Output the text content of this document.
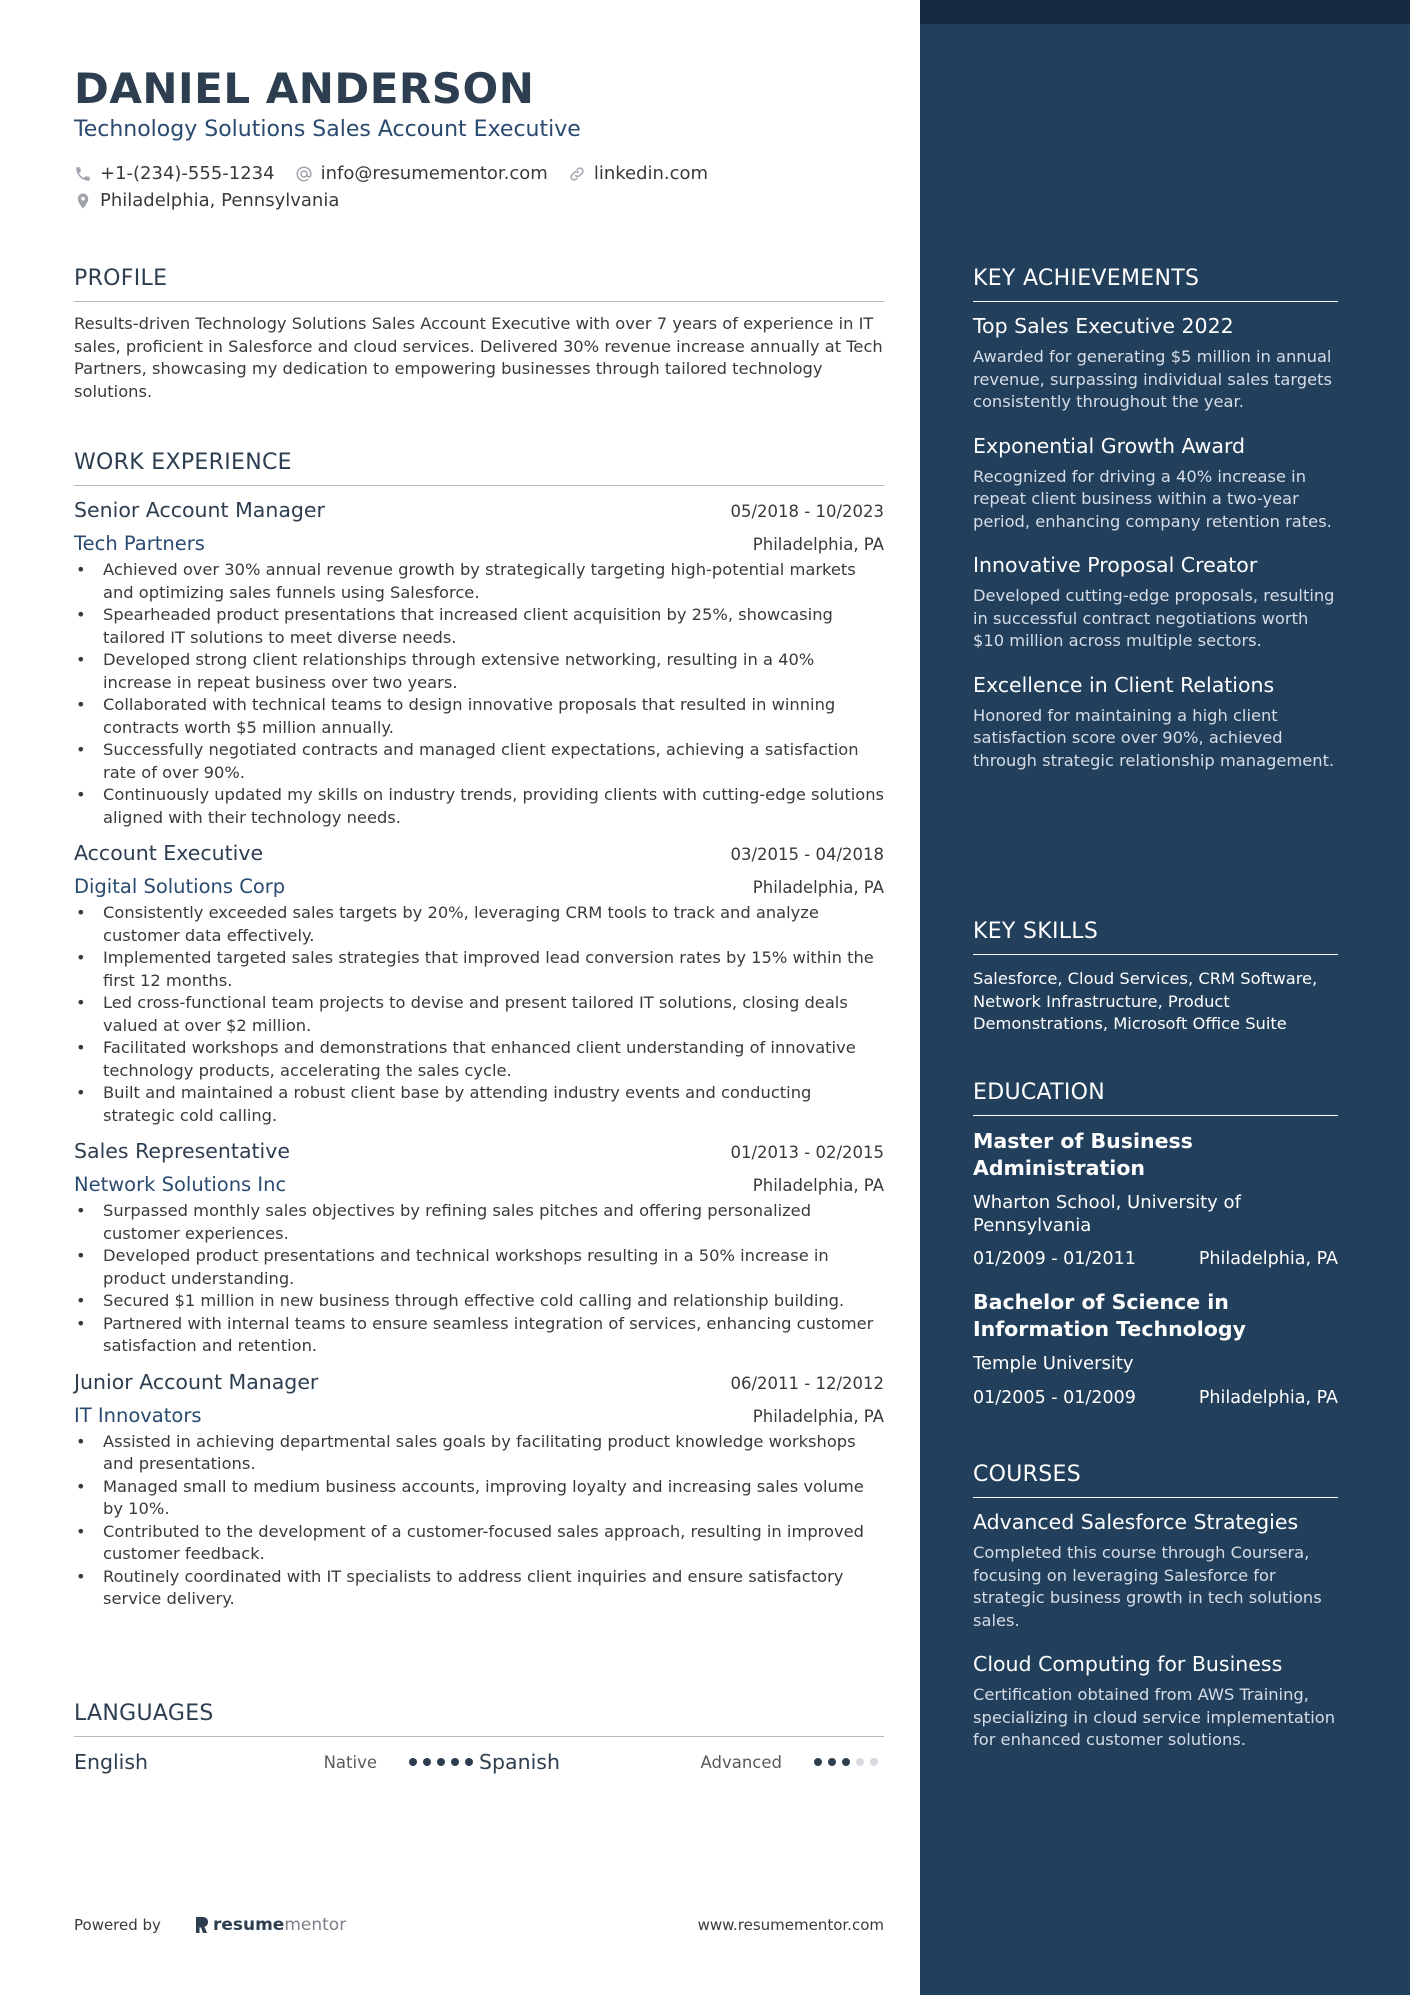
DANIEL ANDERSON
Technology Solutions Sales Account Executive
+1-(234)-555-1234	info@resumementor.com	linkedin.com
Philadelphia, Pennsylvania
PROFILE

Results-driven Technology Solutions Sales Account Executive with over 7 years of experience in IT sales, proficient in Salesforce and cloud services. Delivered 30% revenue increase annually at Tech Partners, showcasing my dedication to empowering businesses through tailored technology solutions.

WORK EXPERIENCE
Senior Account Manager	05/2018 - 10/2023
Tech Partners	Philadelphia, PA
• Achieved over 30% annual revenue growth by strategically targeting high-potential markets and optimizing sales funnels using Salesforce.
• Spearheaded product presentations that increased client acquisition by 25%, showcasing tailored IT solutions to meet diverse needs.
• Developed strong client relationships through extensive networking, resulting in a 40% increase in repeat business over two years.
• Collaborated with technical teams to design innovative proposals that resulted in winning contracts worth $5 million annually.
• Successfully negotiated contracts and managed client expectations, achieving a satisfaction rate of over 90%.
• Continuously updated my skills on industry trends, providing clients with cutting-edge solutions aligned with their technology needs.
Account Executive	03/2015 - 04/2018
Digital Solutions Corp	Philadelphia, PA
• Consistently exceeded sales targets by 20%, leveraging CRM tools to track and analyze customer data effectively.
• Implemented targeted sales strategies that improved lead conversion rates by 15% within the first 12 months.
• Led cross-functional team projects to devise and present tailored IT solutions, closing deals valued at over $2 million.
• Facilitated workshops and demonstrations that enhanced client understanding of innovative technology products, accelerating the sales cycle.
• Built and maintained a robust client base by attending industry events and conducting strategic cold calling.
Sales Representative	01/2013 - 02/2015
Network Solutions Inc	Philadelphia, PA
• Surpassed monthly sales objectives by refining sales pitches and offering personalized customer experiences.
• Developed product presentations and technical workshops resulting in a 50% increase in product understanding.
• Secured $1 million in new business through effective cold calling and relationship building.
• Partnered with internal teams to ensure seamless integration of services, enhancing customer satisfaction and retention.
Junior Account Manager	06/2011 - 12/2012
IT Innovators	Philadelphia, PA
• Assisted in achieving departmental sales goals by facilitating product knowledge workshops and presentations.
• Managed small to medium business accounts, improving loyalty and increasing sales volume by 10%.
• Contributed to the development of a customer-focused sales approach, resulting in improved customer feedback.
• Routinely coordinated with IT specialists to address client inquiries and ensure satisfactory service delivery.
LANGUAGES
English	Native	Spanish	Advanced
Powered by	resume mentor	www.resumementor.com
KEY ACHIEVEMENTS
Top Sales Executive 2022
Awarded for generating $5 million in annual revenue, surpassing individual sales targets consistently throughout the year.
Exponential Growth Award
Recognized for driving a 40% increase in repeat client business within a two-year period, enhancing company retention rates.
Innovative Proposal Creator
Developed cutting-edge proposals, resulting in successful contract negotiations worth $10 million across multiple sectors.
Excellence in Client Relations
Honored for maintaining a high client satisfaction score over 90%, achieved through strategic relationship management.
KEY SKILLS
Salesforce, Cloud Services, CRM Software, Network Infrastructure, Product Demonstrations, Microsoft Office Suite
EDUCATION
Master of Business Administration
Wharton School, University of Pennsylvania
01/2009 - 01/2011	Philadelphia, PA
Bachelor of Science in Information Technology
Temple University
01/2005 - 01/2009	Philadelphia, PA
COURSES
Advanced Salesforce Strategies
Completed this course through Coursera, focusing on leveraging Salesforce for strategic business growth in tech solutions sales.
Cloud Computing for Business
Certification obtained from AWS Training, specializing in cloud service implementation for enhanced customer solutions.
